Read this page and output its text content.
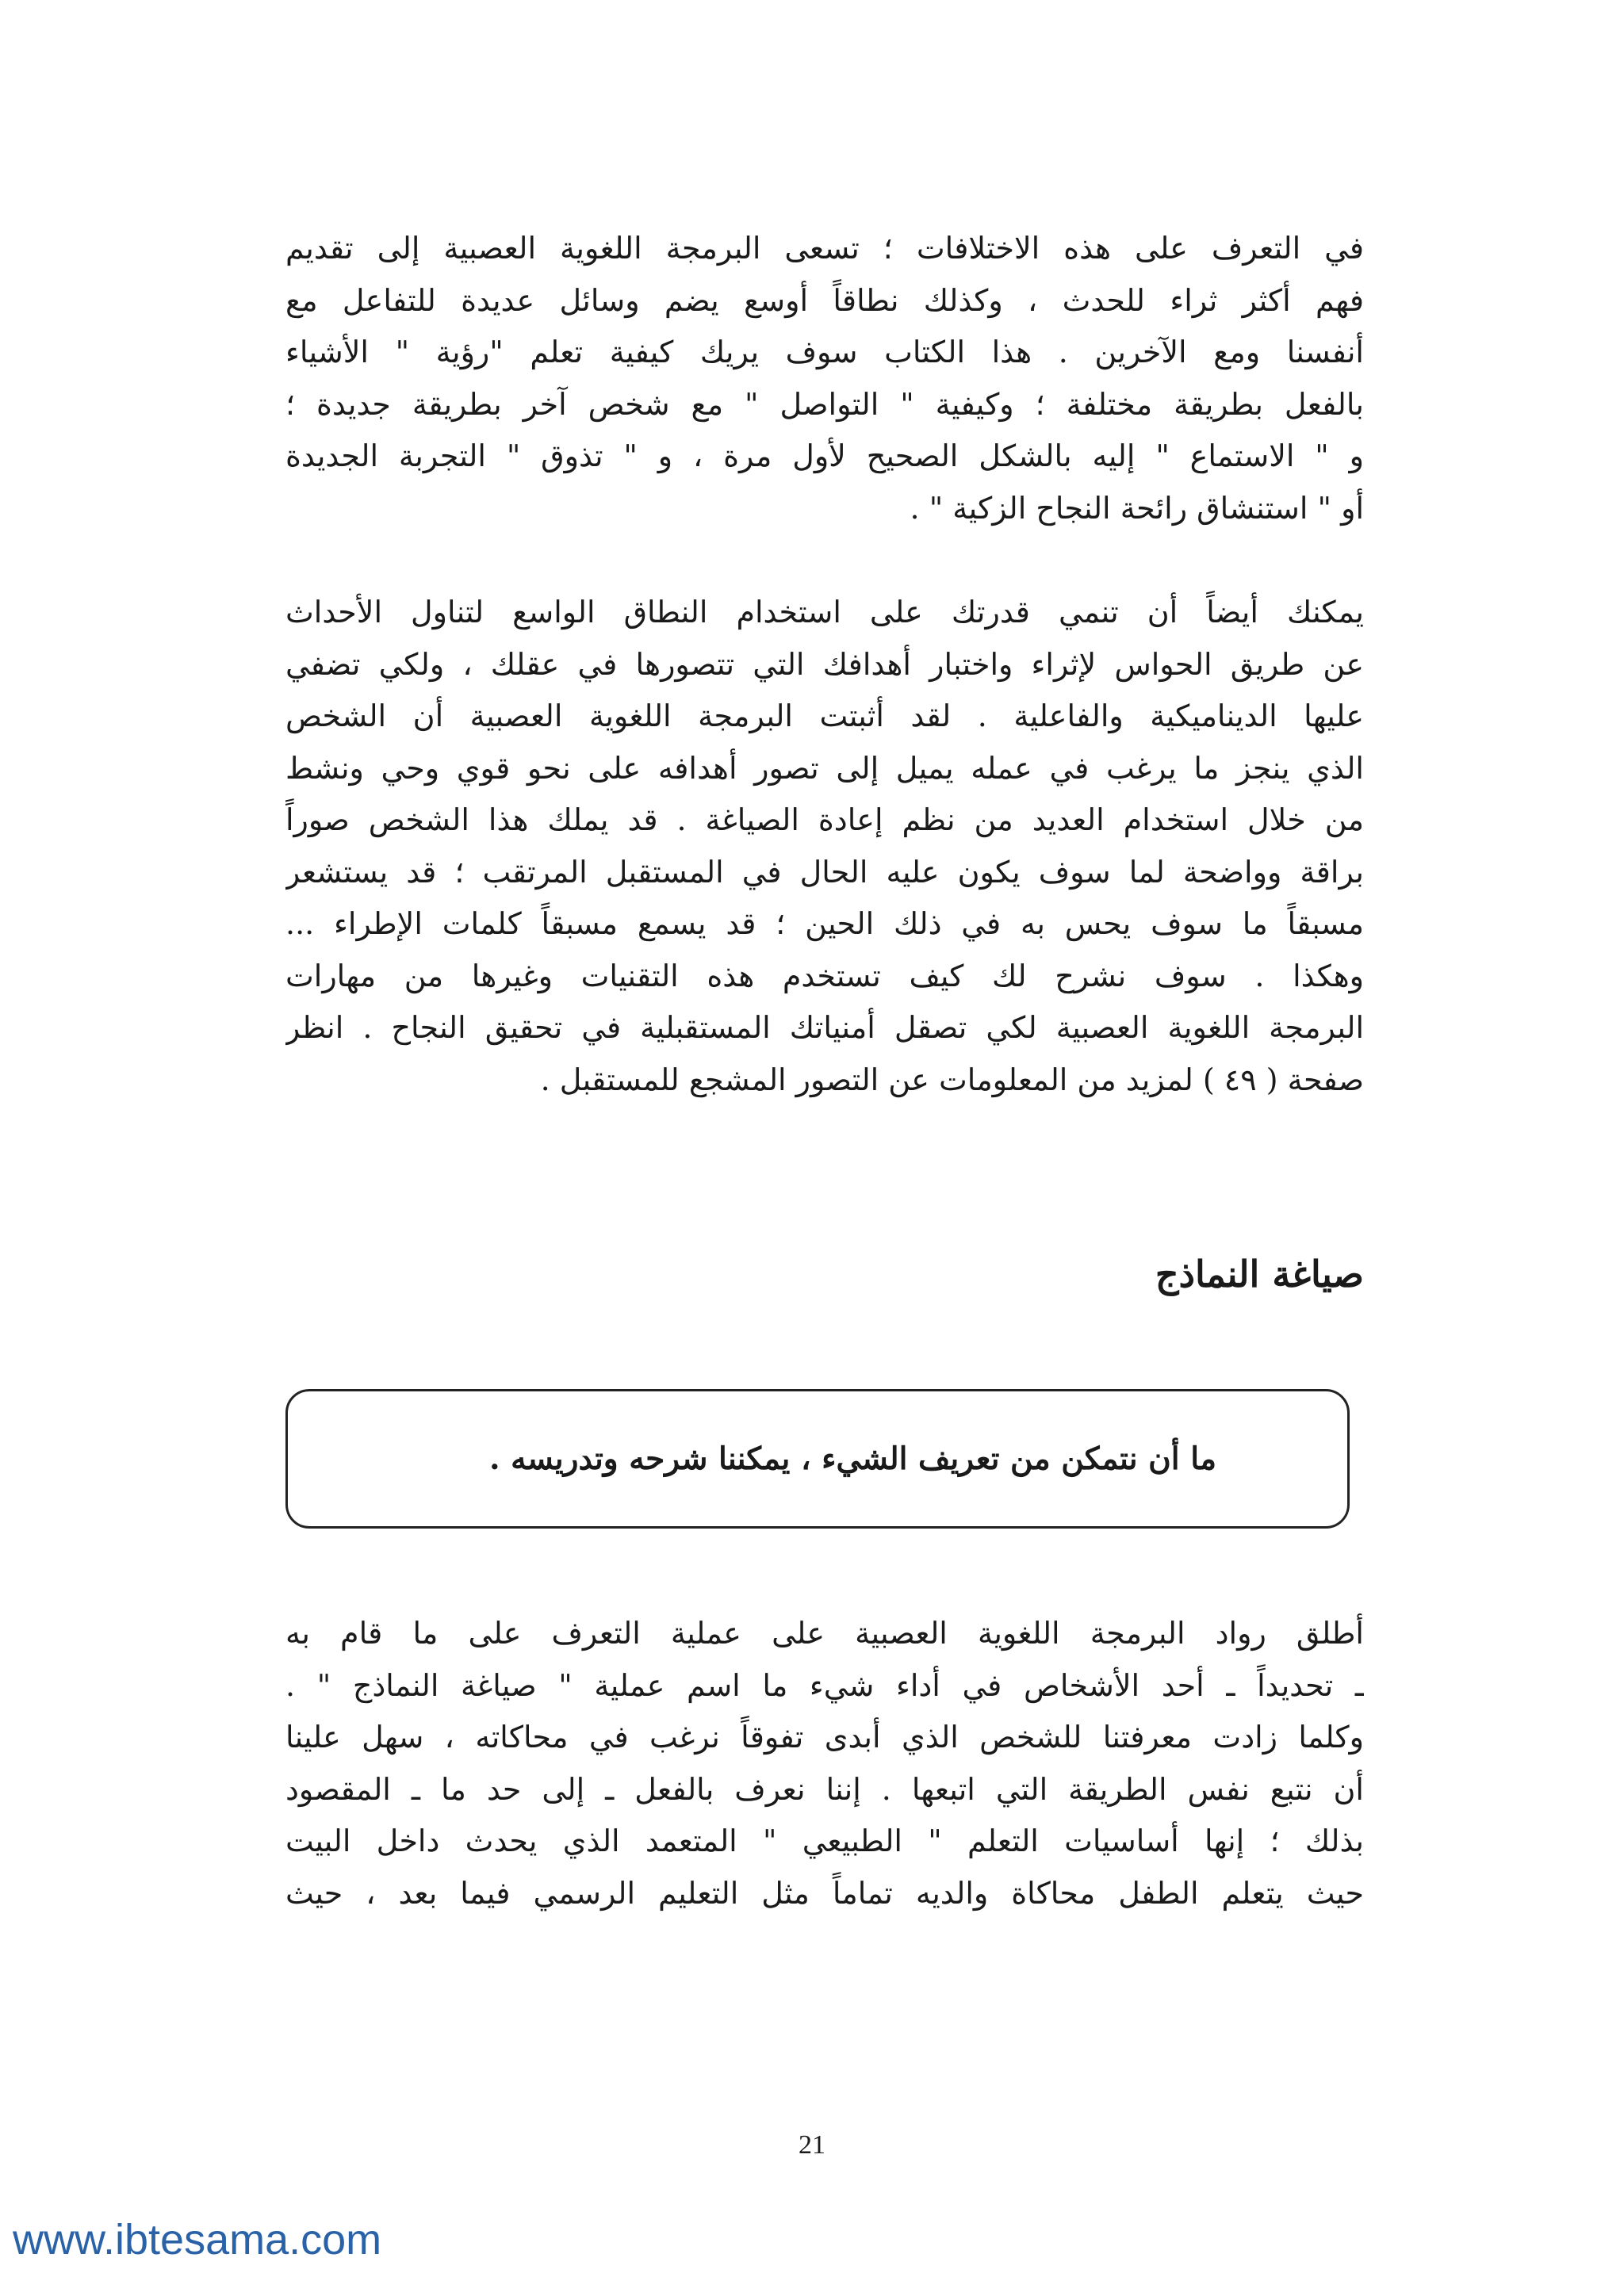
في التعرف على هذه الاختلافات ؛ تسعى البرمجة اللغوية العصبية إلى تقديم
فهم أكثر ثراء للحدث ، وكذلك نطاقاً أوسع يضم وسائل عديدة للتفاعل مع
أنفسنا ومع الآخرين . هذا الكتاب سوف يريك كيفية تعلم "رؤية " الأشياء
بالفعل بطريقة مختلفة ؛ وكيفية " التواصل " مع شخص آخر بطريقة جديدة ؛
و " الاستماع " إليه بالشكل الصحيح لأول مرة ، و " تذوق " التجربة الجديدة
أو " استنشاق رائحة النجاح الزكية " .
يمكنك أيضاً أن تنمي قدرتك على استخدام النطاق الواسع لتناول الأحداث
عن طريق الحواس لإثراء واختبار أهدافك التي تتصورها في عقلك ، ولكي تضفي
عليها الديناميكية والفاعلية . لقد أثبتت البرمجة اللغوية العصبية أن الشخص
الذي ينجز ما يرغب في عمله يميل إلى تصور أهدافه على نحو قوي وحي ونشط
من خلال استخدام العديد من نظم إعادة الصياغة . قد يملك هذا الشخص صوراً
براقة وواضحة لما سوف يكون عليه الحال في المستقبل المرتقب ؛ قد يستشعر
مسبقاً ما سوف يحس به في ذلك الحين ؛ قد يسمع مسبقاً كلمات الإطراء ...
وهكذا . سوف نشرح لك كيف تستخدم هذه التقنيات وغيرها من مهارات
البرمجة اللغوية العصبية لكي تصقل أمنياتك المستقبلية في تحقيق النجاح . انظر
صفحة ( ٤٩ ) لمزيد من المعلومات عن التصور المشجع للمستقبل .
صياغة النماذج
ما أن نتمكن من تعريف الشيء ، يمكننا شرحه وتدريسه .
أطلق رواد البرمجة اللغوية العصبية على عملية التعرف على ما قام به
ـ تحديداً ـ أحد الأشخاص في أداء شيء ما اسم عملية " صياغة النماذج " .
وكلما زادت معرفتنا للشخص الذي أبدى تفوقاً نرغب في محاكاته ، سهل علينا
أن نتبع نفس الطريقة التي اتبعها . إننا نعرف بالفعل ـ إلى حد ما ـ المقصود
بذلك ؛ إنها أساسيات التعلم " الطبيعي " المتعمد الذي يحدث داخل البيت
حيث يتعلم الطفل محاكاة والديه تماماً مثل التعليم الرسمي فيما بعد ، حيث
21
www.ibtesama.com
